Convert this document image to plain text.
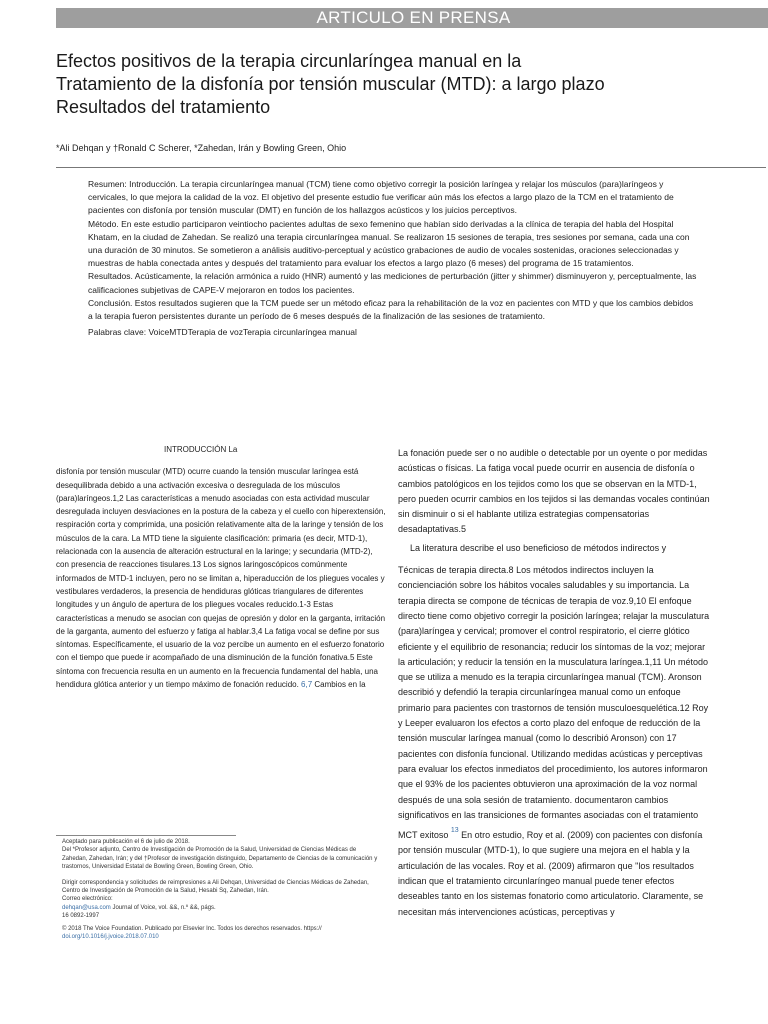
ARTICULO EN PRENSA
Efectos positivos de la terapia circunlaríngea manual en la
Tratamiento de la disfonía por tensión muscular (MTD): a largo plazo
Resultados del tratamiento
*Ali Dehqan y †Ronald C Scherer, *Zahedan, Irán y Bowling Green, Ohio

Resumen: Introducción. La terapia circunlaríngea manual (TCM) tiene como objetivo corregir la posición laríngea y relajar los músculos (para)laríngeos y cervicales, lo que mejora la calidad de la voz. El objetivo del presente estudio fue verificar aún más los efectos a largo plazo de la TCM en el tratamiento de pacientes con disfonía por tensión muscular (DMT) en función de los hallazgos acústicos y los juicios perceptivos.

Método. En este estudio participaron veintiocho pacientes adultas de sexo femenino que habían sido derivadas a la clínica de terapia del habla del Hospital Khatam, en la ciudad de Zahedan. Se realizó una terapia circunlaríngea manual. Se realizaron 15 sesiones de terapia, tres sesiones por semana, cada una con una duración de 30 minutos. Se sometieron a análisis auditivo-perceptual y acústico grabaciones de audio de vocales sostenidas, oraciones seleccionadas y muestras de habla conectada antes y después del tratamiento para evaluar los efectos a largo plazo (6 meses) del programa de 15 tratamientos.

Resultados. Acústicamente, la relación armónica a ruido (HNR) aumentó y las mediciones de perturbación (jitter y shimmer) disminuyeron y, perceptualmente, las calificaciones subjetivas de CAPE-V mejoraron en todos los pacientes.

Conclusión. Estos resultados sugieren que la TCM puede ser un método eficaz para la rehabilitación de la voz en pacientes con MTD y que los cambios debidos a la terapia fueron persistentes durante un período de 6 meses después de la finalización de las sesiones de tratamiento.

Palabras clave: VoiceMTDTerapia de vozTerapia circunlaríngea manual

INTRODUCCIÓN La

disfonía por tensión muscular (MTD) ocurre cuando la tensión muscular laríngea está desequilibrada debido a una activación excesiva o desregulada de los músculos (para)laríngeos.1,2 Las características a menudo asociadas con esta actividad muscular desregulada incluyen desviaciones en la postura de la cabeza y el cuello con hiperextensión, respiración corta y comprimida, una posición relativamente alta de la laringe y tensión de los músculos de la cara. La MTD tiene la siguiente clasificación: primaria (es decir, MTD-1), relacionada con la ausencia de alteración estructural en la laringe; y secundaria (MTD-2), con presencia de reacciones tisulares.13 Los signos laringoscópicos comúnmente informados de MTD-1 incluyen, pero no se limitan a, hiperaducción de los pliegues vocales y vestibulares verdaderos, la presencia de hendiduras glóticas triangulares de diferentes longitudes y un ángulo de apertura de los pliegues vocales reducido.1-3 Estas características a menudo se asocian con quejas de opresión y dolor en la garganta, irritación de la garganta, aumento del esfuerzo y fatiga al hablar.3,4 La fatiga vocal se define por sus síntomas. Específicamente, el usuario de la voz percibe un aumento en el esfuerzo fonatorio con el tiempo que puede ir acompañado de una disminución de la función fonativa.5 Este síntoma con frecuencia resulta en un aumento en la frecuencia fundamental del habla, una hendidura glótica anterior y un tiempo máximo de fonación reducido. 6,7 Cambios en la

La fonación puede ser o no audible o detectable por un oyente o por medidas acústicas o físicas. La fatiga vocal puede ocurrir en ausencia de disfonía o cambios patológicos en los tejidos como los que se observan en la MTD-1, pero pueden ocurrir cambios en los tejidos si las demandas vocales continúan sin disminuir o si el hablante utiliza estrategias compensatorias desadaptativas.5

La literatura describe el uso beneficioso de métodos indirectos y

Técnicas de terapia directa.8 Los métodos indirectos incluyen la concienciación sobre los hábitos vocales saludables y su importancia. La terapia directa se compone de técnicas de terapia de voz.9,10 El enfoque directo tiene como objetivo corregir la posición laríngea; relajar la musculatura (para)laríngea y cervical; promover el control respiratorio, el cierre glótico eficiente y el equilibrio de resonancia; reducir los síntomas de la voz; mejorar la articulación; y reducir la tensión en la musculatura laríngea.1,11 Un método que se utiliza a menudo es la terapia circunlaríngea manual (TCM). Aronson describió y defendió la terapia circunlaríngea manual como un enfoque primario para pacientes con trastornos de tensión musculoesquelética.12 Roy y Leeper evaluaron los efectos a corto plazo del enfoque de reducción de la tensión muscular laríngea manual (como lo describió Aronson) con 17 pacientes con disfonía funcional. Utilizando medidas acústicas y perceptivas para evaluar los efectos inmediatos del procedimiento, los autores informaron que el 93% de los pacientes obtuvieron una aproximación de la voz normal después de una sola sesión de tratamiento. documentaron cambios significativos en las transiciones de formantes asociadas con el tratamiento MCT exitoso $^{13}$ En otro estudio, Roy et al. (2009) con pacientes con disfonía por tensión muscular (MTD-1), lo que sugiere una mejora en el habla y la articulación de las vocales. Roy et al. (2009) afirmaron que "los resultados indican que el tratamiento circunlaríngeo manual puede tener efectos deseables tanto en los sistemas fonatorio como articulatorio. Claramente, se necesitan más intervenciones acústicas, perceptivas y

Aceptado para publicación el 6 de julio de 2018.

Del *Profesor adjunto, Centro de Investigación de Promoción de la Salud, Universidad de Ciencias Médicas de Zahedan, Zahedan, Irán; y del †Profesor de investigación distinguido, Departamento de Ciencias de la comunicación y trastornos, Universidad Estatal de Bowling Green, Bowling Green, Ohio.

Dirigir correspondencia y solicitudes de reimpresiones a Ali Dehqan, Universidad de Ciencias Médicas de Zahedan, Centro de Investigación de Promoción de la Salud, Hesabi Sq, Zahedan, Irán.

Correo electrónico:

dehqan@usa.com Journal of Voice, vol. &&, n.º &&, págs.

16 0892-1997

© 2018 The Voice Foundation. Publicado por Elsevier Inc. Todos los derechos reservados. https://

doi.org/10.1016/j.jvoice.2018.07.010
